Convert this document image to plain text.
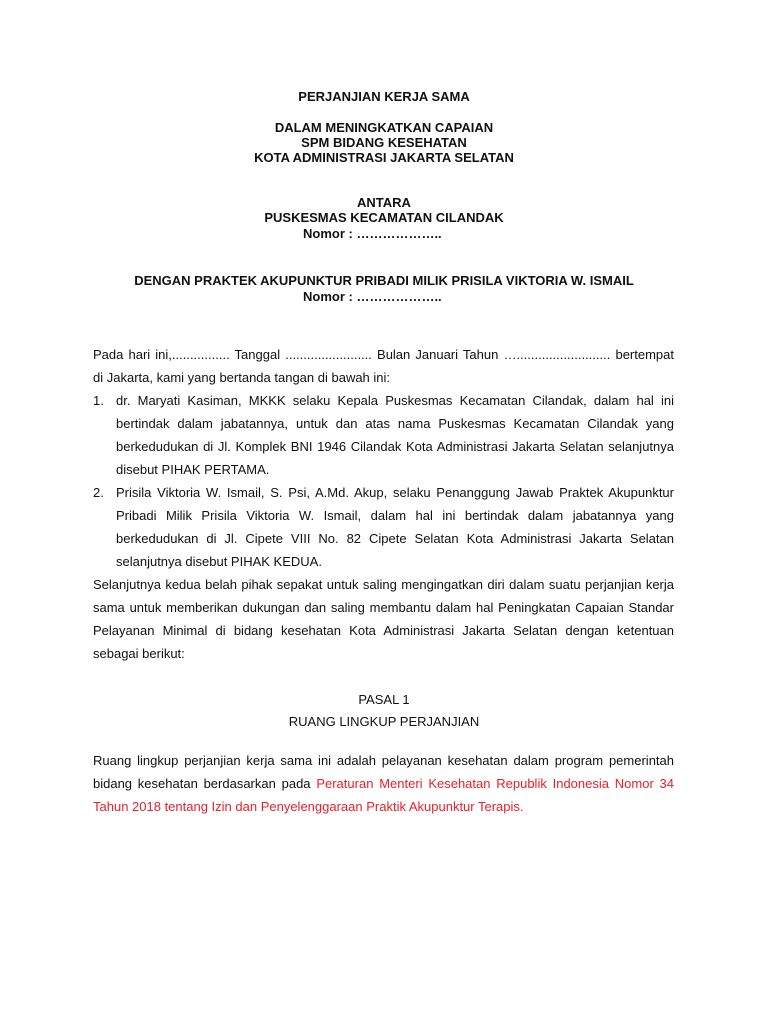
PERJANJIAN KERJA SAMA
DALAM MENINGKATKAN CAPAIAN
SPM BIDANG KESEHATAN
KOTA ADMINISTRASI JAKARTA SELATAN
ANTARA
PUSKESMAS KECAMATAN CILANDAK
Nomor : ………………..
DENGAN PRAKTEK AKUPUNKTUR PRIBADI MILIK PRISILA VIKTORIA W. ISMAIL
Nomor : ………………..
Pada hari ini,................ Tanggal ........................ Bulan Januari Tahun ….......................... bertempat di Jakarta, kami yang bertanda tangan di bawah ini:
1. dr. Maryati Kasiman, MKKK selaku Kepala Puskesmas Kecamatan Cilandak, dalam hal ini bertindak dalam jabatannya, untuk dan atas nama Puskesmas Kecamatan Cilandak yang berkedudukan di Jl. Komplek BNI 1946 Cilandak Kota Administrasi Jakarta Selatan selanjutnya disebut PIHAK PERTAMA.
2. Prisila Viktoria W. Ismail, S. Psi, A.Md. Akup, selaku Penanggung Jawab Praktek Akupunktur Pribadi Milik Prisila Viktoria W. Ismail, dalam hal ini bertindak dalam jabatannya yang berkedudukan di Jl. Cipete VIII No. 82 Cipete Selatan Kota Administrasi Jakarta Selatan selanjutnya disebut PIHAK KEDUA.
Selanjutnya kedua belah pihak sepakat untuk saling mengingatkan diri dalam suatu perjanjian kerja sama untuk memberikan dukungan dan saling membantu dalam hal Peningkatan Capaian Standar Pelayanan Minimal di bidang kesehatan Kota Administrasi Jakarta Selatan dengan ketentuan sebagai berikut:
PASAL 1
RUANG LINGKUP PERJANJIAN
Ruang lingkup perjanjian kerja sama ini adalah pelayanan kesehatan dalam program pemerintah bidang kesehatan berdasarkan pada Peraturan Menteri Kesehatan Republik Indonesia Nomor 34 Tahun 2018 tentang Izin dan Penyelenggaraan Praktik Akupunktur Terapis.
